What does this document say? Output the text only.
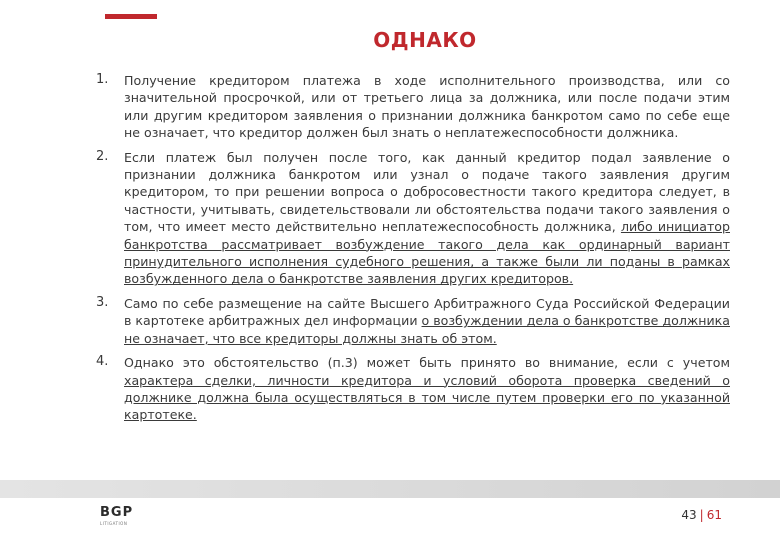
ОДНАКО
1. Получение кредитором платежа в ходе исполнительного производства, или со значительной просрочкой, или от третьего лица за должника, или после подачи этим или другим кредитором заявления о признании должника банкротом само по себе еще не означает, что кредитор должен был знать о неплатежеспособности должника.
2. Если платеж был получен после того, как данный кредитор подал заявление о признании должника банкротом или узнал о подаче такого заявления другим кредитором, то при решении вопроса о добросовестности такого кредитора следует, в частности, учитывать, свидетельствовали ли обстоятельства подачи такого заявления о том, что имеет место действительно неплатежеспособность должника, либо инициатор банкротства рассматривает возбуждение такого дела как ординарный вариант принудительного исполнения судебного решения, а также были ли поданы в рамках возбужденного дела о банкротстве заявления других кредиторов.
3. Само по себе размещение на сайте Высшего Арбитражного Суда Российской Федерации в картотеке арбитражных дел информации о возбуждении дела о банкротстве должника не означает, что все кредиторы должны знать об этом.
4. Однако это обстоятельство (п.3) может быть принято во внимание, если с учетом характера сделки, личности кредитора и условий оборота проверка сведений о должнике должна была осуществляться в том числе путем проверки его по указанной картотеке.
BGP
LITIGATION
43 | 61
